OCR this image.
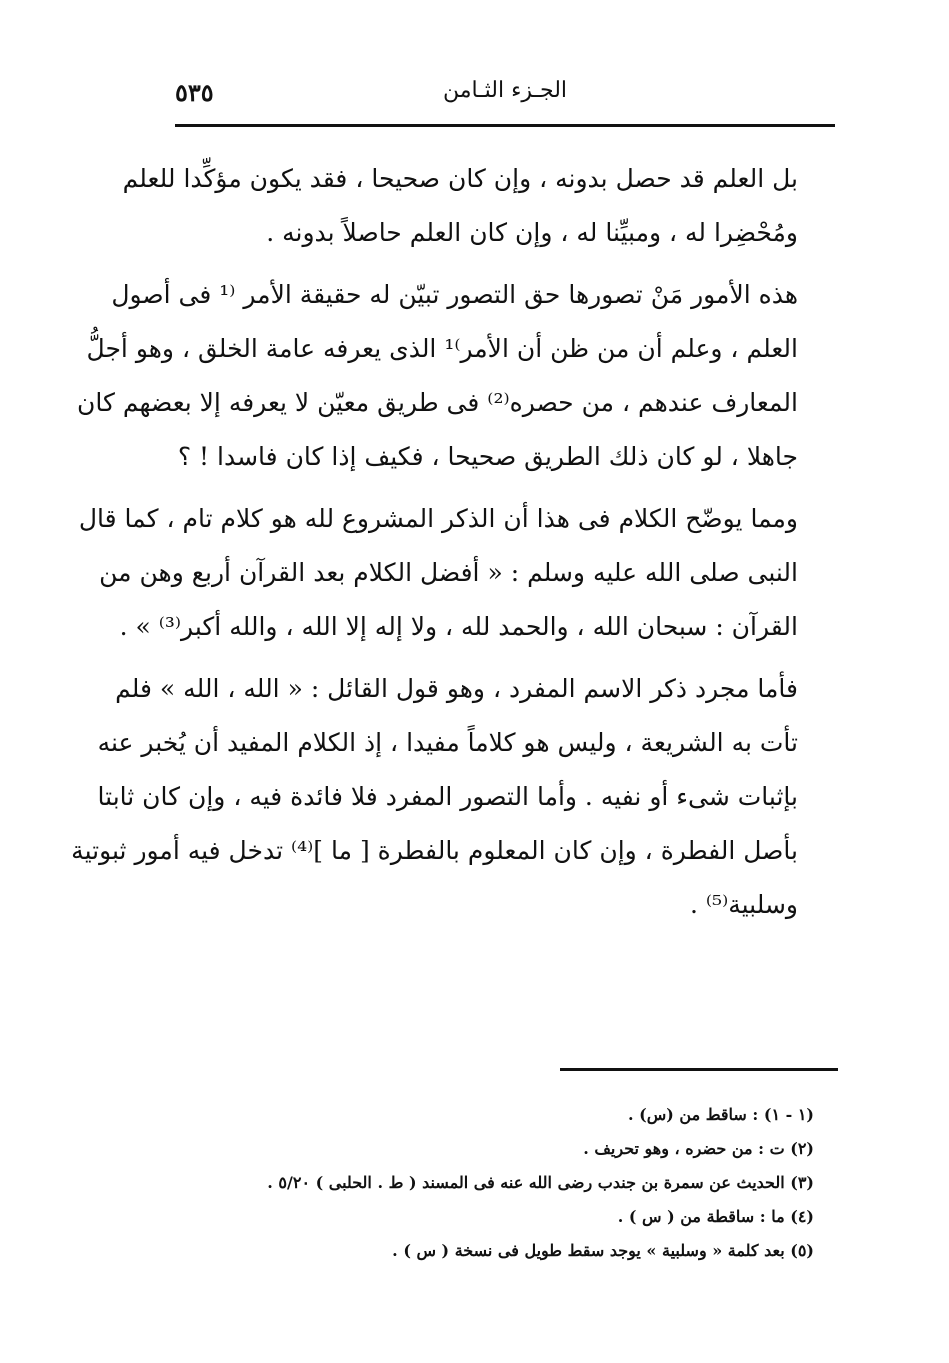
٥٣٥	الجـزء الثـامن

بل العلم قد حصل بدونه ، وإن كان صحيحا ، فقد يكون مؤكِّدا للعلم
ومُحْضِرا له ، ومبيِّنا له ، وإن كان العلم حاصلاً بدونه .

هذه الأمور مَنْ تصورها حق التصور تبيّن له حقيقة الأمر ⁽¹ فى أصول
العلم ، وعلم أن من ظن أن الأمر⁾¹ الذى يعرفه عامة الخلق ، وهو أجلُّ
المعارف عندهم ، من حصره⁽²⁾ فى طريق معيّن لا يعرفه إلا بعضهم كان
جاهلا ، لو كان ذلك الطريق صحيحا ، فكيف إذا كان فاسدا ! ؟

ومما يوضّح الكلام فى هذا أن الذكر المشروع لله هو كلام تام ، كما قال
النبى صلى الله عليه وسلم : « أفضل الكلام بعد القرآن أربع وهن من
القرآن : سبحان الله ، والحمد لله ، ولا إله إلا الله ، والله أكبر⁽³⁾ » .

فأما مجرد ذكر الاسم المفرد ، وهو قول القائل : « الله ، الله » فلم
تأت به الشريعة ، وليس هو كلاماً مفيدا ، إذ الكلام المفيد أن يُخبر عنه
بإثبات شىء أو نفيه . وأما التصور المفرد فلا فائدة فيه ، وإن كان ثابتا
بأصل الفطرة ، وإن كان المعلوم بالفطرة [ ما ]⁽⁴⁾ تدخل فيه أمور ثبوتية
وسلبية⁽⁵⁾ .

(١ - ١) : ساقط من (س) .
(٢) ت : من حضره ، وهو تحريف .
(٣) الحديث عن سمرة بن جندب رضى الله عنه فى المسند ( ط . الحلبى ) ٥/٢٠ .
(٤) ما : ساقطة من ( س ) .
(٥) بعد كلمة « وسلبية » يوجد سقط طويل فى نسخة ( س ) .
